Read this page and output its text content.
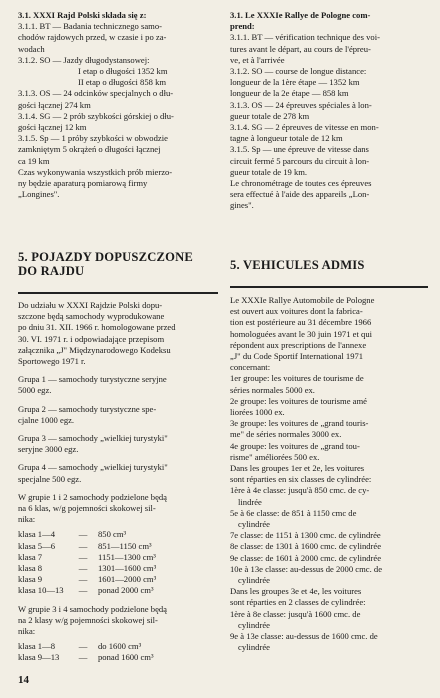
3.1. XXXI Rajd Polski składa się z:
3.1.1. BT — Badania technicznego samo-
chodów rajdowych przed, w czasie i po za-
wodach
3.1.2. SO — Jazdy długodystansowej:
I etap o długości 1352 km
II etap o długości 858 km
3.1.3. OS — 24 odcinków specjalnych o dłu-
gości łącznej 274 km
3.1.4. SG — 2 prób szybkości górskiej o dłu-
gości łącznej 12 km
3.1.5. Sp — 1 próby szybkości w obwodzie
zamkniętym 5 okrążeń o długości łącznej
ca 19 km
Czas wykonywania wszystkich prób mierzo-
ny będzie aparaturą pomiarową firmy
„Longines".
3.1. Le XXXIe Rallye de Pologne com-
prend:
3.1.1. BT — vérification technique des voi-
tures avant le départ, au cours de l'épreu-
ve, et à l'arrivée
3.1.2. SO — course de longue distance:
longueur de la 1ère étape — 1352 km
longueur de la 2e étape — 858 km
3.1.3. OS — 24 épreuves spéciales à lon-
gueur totale de 278 km
3.1.4. SG — 2 épreuves de vitesse en mon-
tagne à longueur totale de 12 km
3.1.5. Sp — une épreuve de vitesse dans
circuit fermé 5 parcours du circuit à lon-
gueur totale de 19 km.
Le chronométrage de toutes ces épreuves
sera effectué à l'aide des appareils „Lon-
gines".
5. POJAZDY DOPUSZCZONE
DO RAJDU	5. VEHICULES ADMIS
Do udziału w XXXI Rajdzie Polski dopu-
szczone będą samochody wyprodukowane
po dniu 31. XII. 1966 r. homologowane przed
30. VI. 1971 r. i odpowiadające przepisom
załącznika „J" Międzynarodowego Kodeksu
Sportowego 1971 r.
Grupa 1 — samochody turystyczne seryjne
5000 egz.
Grupa 2 — samochody turystyczne spe-
cjalne 1000 egz.
Grupa 3 — samochody „wielkiej turystyki"
seryjne 3000 egz.
Grupa 4 — samochody „wielkiej turystyki"
specjalne 500 egz.
W grupie 1 i 2 samochody podzielone będą
na 6 klas, w/g pojemności skokowej sil-
nika:
klasa 1—4	—	850 cm³
klasa 5—6	—	851—1150 cm³
klasa 7	—	1151—1300 cm³
klasa 8	—	1301—1600 cm³
klasa 9	—	1601—2000 cm³
klasa 10—13	—	ponad 2000 cm³
W grupie 3 i 4 samochody podzielone będą
na 2 klasy w/g pojemności skokowej sil-
nika:
klasa 1—8	—	do 1600 cm³
klasa 9—13	—	ponad 1600 cm³
Le XXXIe Rallye Automobile de Pologne
est ouvert aux voitures dont la fabrica-
tion est postérieure au 31 décembre 1966
homologuées avant le 30 juin 1971 et qui
répondent aux prescriptions de l'annexe
„J" du Code Sportif International 1971
concernant:
1er groupe: les voitures de tourisme de
séries normales 5000 ex.
2e groupe: les voitures de tourisme amé
liorées 1000 ex.
3e groupe: les voitures de „grand touris-
me" de séries normales 3000 ex.
4e groupe: les voitures de „grand tou-
risme" améliorées 500 ex.
Dans les groupes 1er et 2e, les voitures
sont réparties en six classes de cylindrée:
1ère à 4e classe: jusqu'à 850 cmc. de cy-
lindrée
5e à 6e classe: de 851 à 1150 cmc de
cylindrée
7e classe: de 1151 à 1300 cmc. de cylindrée
8e classe: de 1301 à 1600 cmc. de cylindrée
9e classe: de 1601 à 2000 cmc. de cylindrée
10e à 13e classe: au-dessus de 2000 cmc. de
cylindrée
Dans les groupes 3e et 4e, les voitures
sont réparties en 2 classes de cylindrée:
1ère à 8e classe: jusqu'à 1600 cmc. de
cylindrée
9e à 13e classe: au-dessus de 1600 cmc. de
cylindrée
14
